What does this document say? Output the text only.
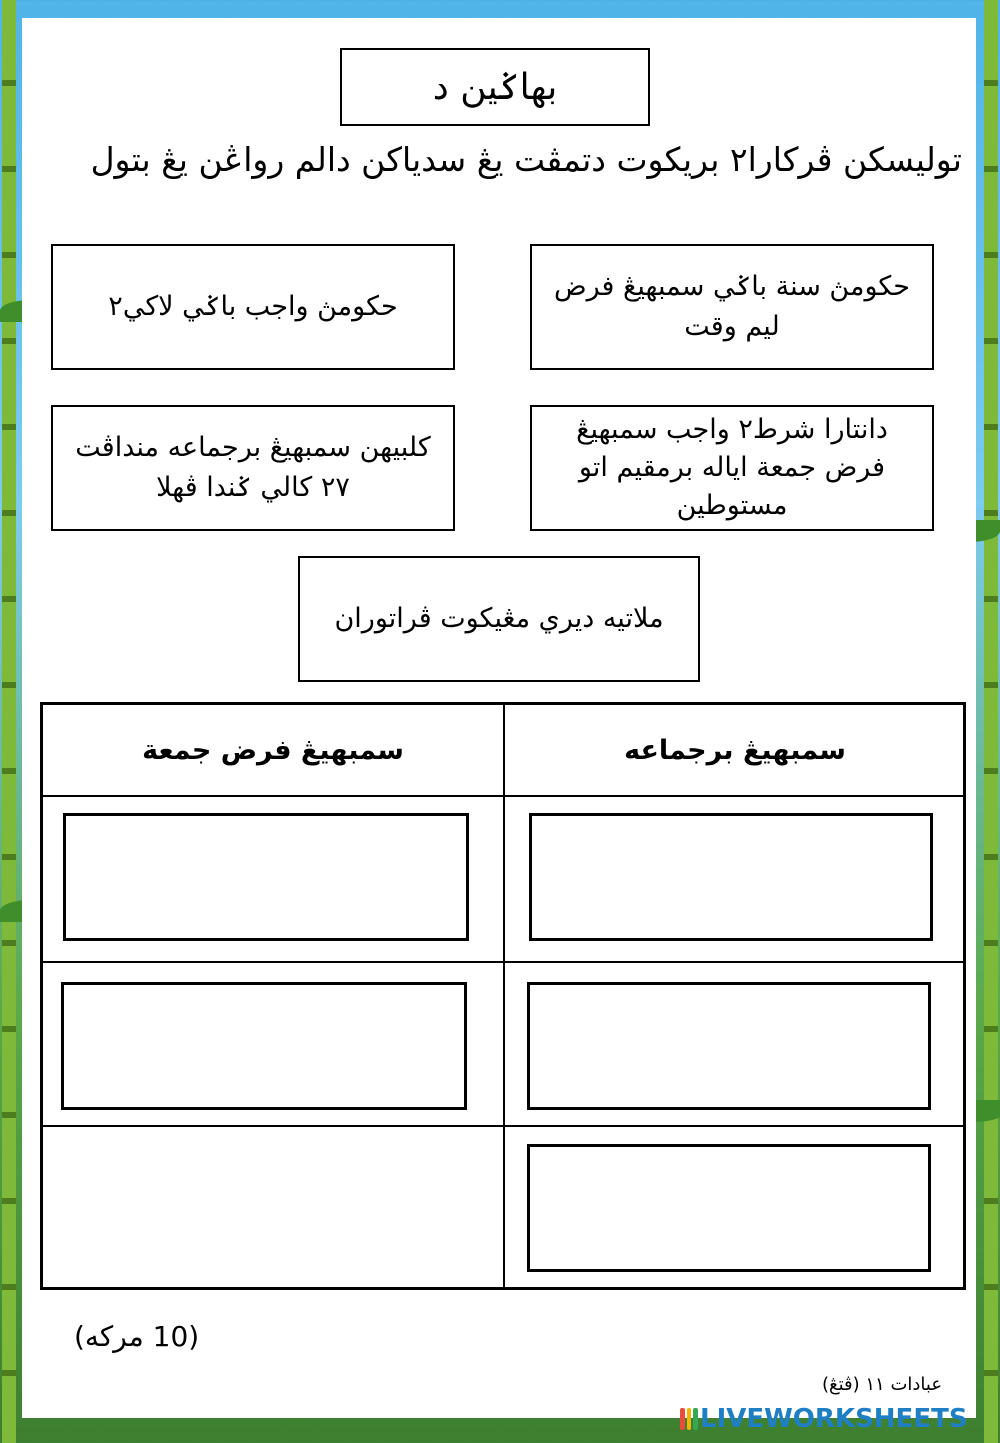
بهاݢين د
توليسکن ڤرکارا٢ بريکوت دتمڤت يڠ سدياکن دالم رواڠن يڠ بتول
حکومڽ سنة باݢي سمبهيڠ فرض ليم وقت
حکومڽ واجب باݢي لاکي٢
دانتارا شرط٢ واجب سمبهيڠ فرض جمعة اياله برمقيم اتو مستوطين
کلبيهن سمبهيڠ برجماعه منداڤت ٢٧ کالي ݢندا ڤهلا
ملاتيه ديري مڠيکوت ڤراتوران
سمبهيڠ برجماعه
سمبهيڠ فرض جمعة
(10 مرکه)
عبادات ١١ (ڤتڠ)
LIVEWORKSHEETS
